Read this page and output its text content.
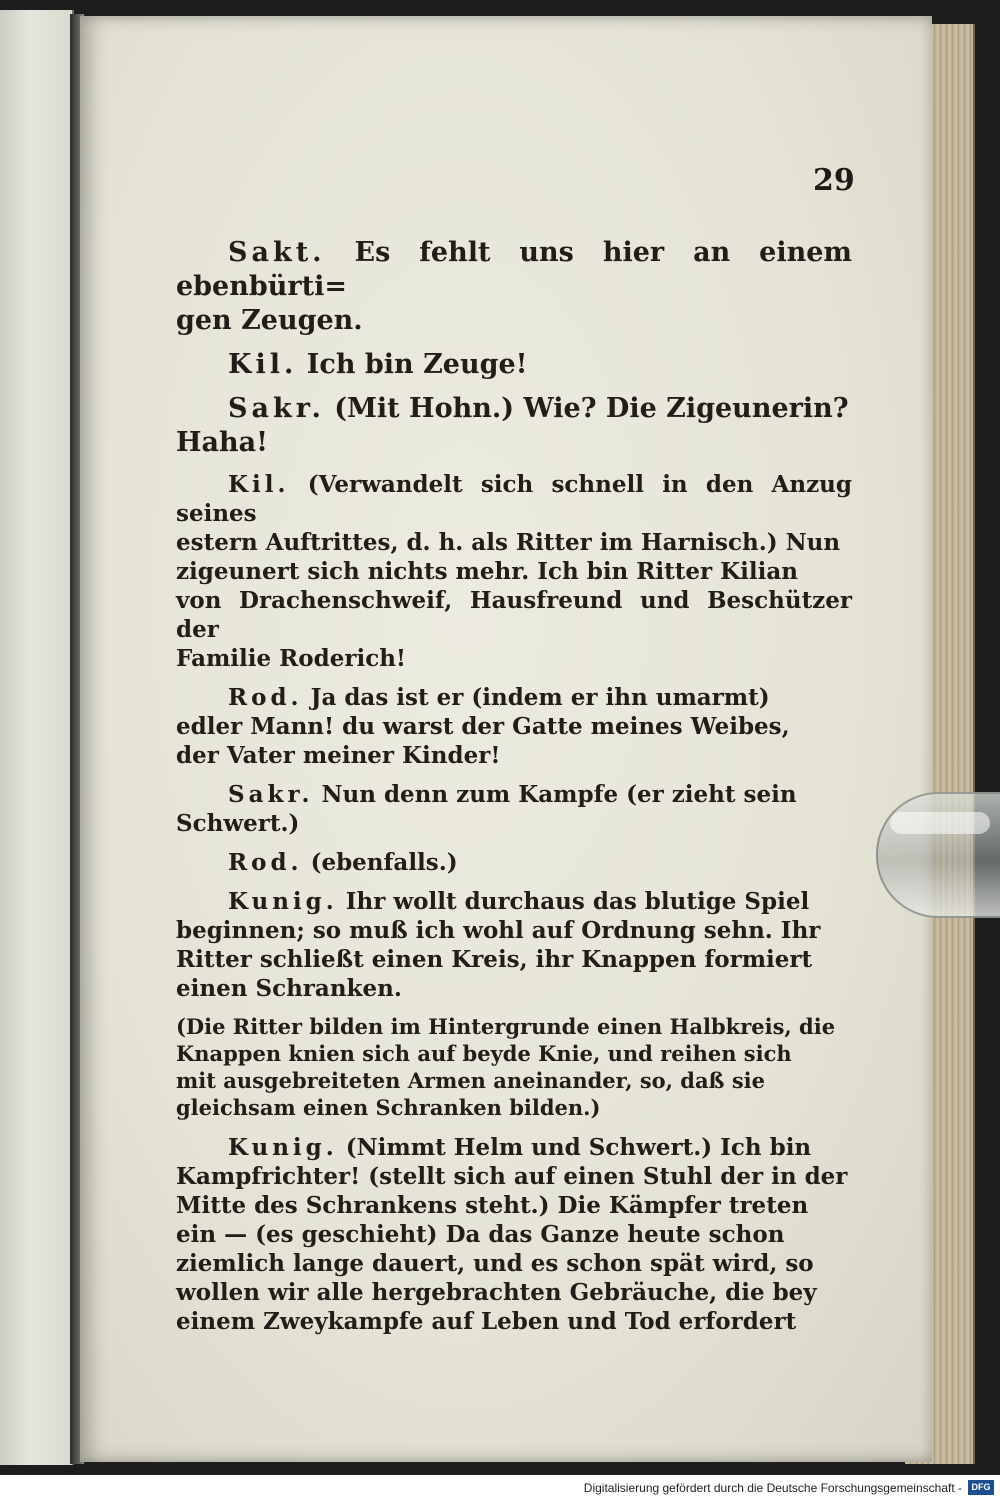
29
Sakt. Es fehlt uns hier an einem ebenbürti=
gen Zeugen.
Kil. Ich bin Zeuge!
Sakr. (Mit Hohn.) Wie? Die Zigeunerin?
Haha!
Kil. (Verwandelt sich schnell in den Anzug seines
estern Auftrittes, d. h. als Ritter im Harnisch.) Nun
zigeunert sich nichts mehr. Ich bin Ritter Kilian
von Drachenschweif, Hausfreund und Beschützer der
Familie Roderich!
Rod. Ja das ist er (indem er ihn umarmt)
edler Mann! du warst der Gatte meines Weibes,
der Vater meiner Kinder!
Sakr. Nun denn zum Kampfe (er zieht sein
Schwert.)
Rod. (ebenfalls.)
Kunig. Ihr wollt durchaus das blutige Spiel
beginnen; so muß ich wohl auf Ordnung sehn. Ihr
Ritter schließt einen Kreis, ihr Knappen formiert
einen Schranken.
(Die Ritter bilden im Hintergrunde einen Halbkreis, die
Knappen knien sich auf beyde Knie, und reihen sich
mit ausgebreiteten Armen aneinander, so, daß sie
gleichsam einen Schranken bilden.)
Kunig. (Nimmt Helm und Schwert.) Ich bin
Kampfrichter! (stellt sich auf einen Stuhl der in der
Mitte des Schrankens steht.) Die Kämpfer treten
ein — (es geschieht) Da das Ganze heute schon
ziemlich lange dauert, und es schon spät wird, so
wollen wir alle hergebrachten Gebräuche, die bey
einem Zweykampfe auf Leben und Tod erfordert
Digitalisierung gefördert durch die Deutsche Forschungsgemeinschaft -	DFG
